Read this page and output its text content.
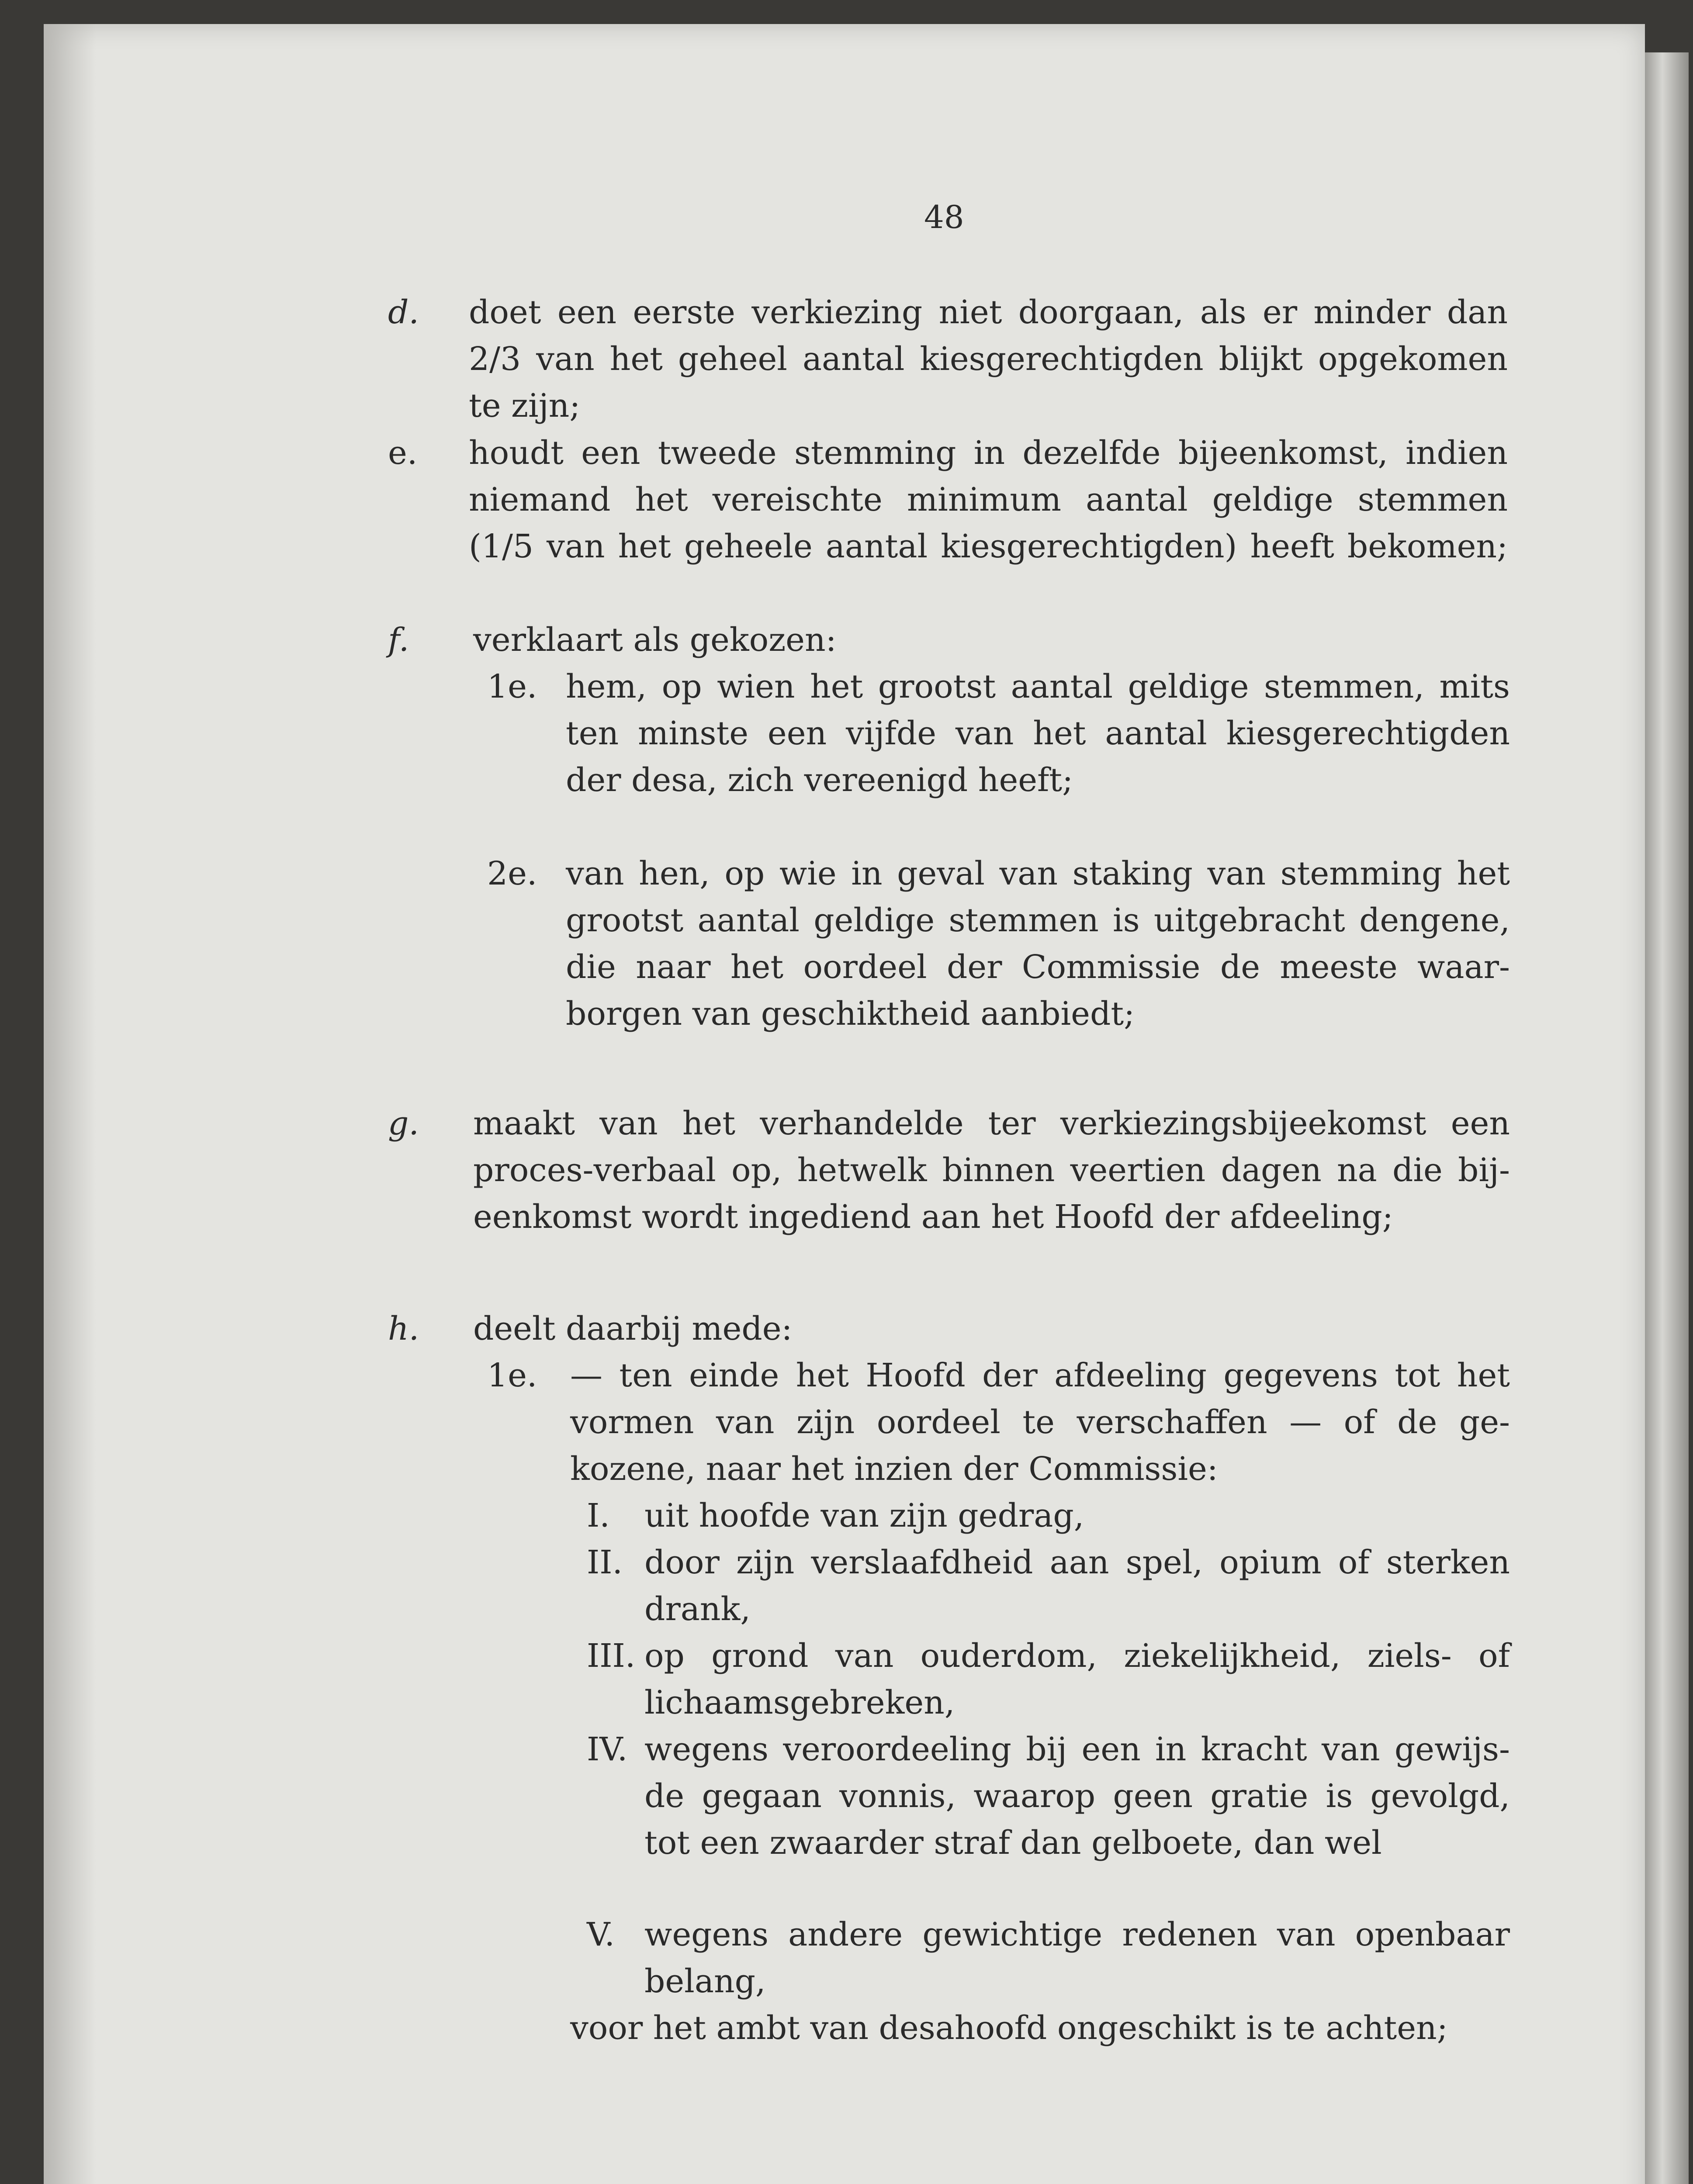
48
d. doet een eerste verkiezing niet doorgaan, als er minder dan
2/3 van het geheel aantal kiesgerechtigden blijkt opgekomen
te zijn;
e. houdt een tweede stemming in dezelfde bijeenkomst, indien
niemand het vereischte minimum aantal geldige stemmen
(1/5 van het geheele aantal kiesgerechtigden) heeft bekomen;
f. verklaart als gekozen:
1e. hem, op wien het grootst aantal geldige stemmen, mits
ten minste een vijfde van het aantal kiesgerechtigden
der desa, zich vereenigd heeft;
2e. van hen, op wie in geval van staking van stemming het
grootst aantal geldige stemmen is uitgebracht dengene,
die naar het oordeel der Commissie de meeste waar-
borgen van geschiktheid aanbiedt;
g. maakt van het verhandelde ter verkiezingsbijeekomst een
proces-verbaal op, hetwelk binnen veertien dagen na die bij-
eenkomst wordt ingediend aan het Hoofd der afdeeling;
h. deelt daarbij mede:
1e. — ten einde het Hoofd der afdeeling gegevens tot het
vormen van zijn oordeel te verschaffen — of de ge-
kozene, naar het inzien der Commissie:
I. uit hoofde van zijn gedrag,
II. door zijn verslaafdheid aan spel, opium of sterken
drank,
III. op grond van ouderdom, ziekelijkheid, ziels- of
lichaamsgebreken,
IV. wegens veroordeeling bij een in kracht van gewijs-
de gegaan vonnis, waarop geen gratie is gevolgd,
tot een zwaarder straf dan gelboete, dan wel
V. wegens andere gewichtige redenen van openbaar
belang,
voor het ambt van desahoofd ongeschikt is te achten;
